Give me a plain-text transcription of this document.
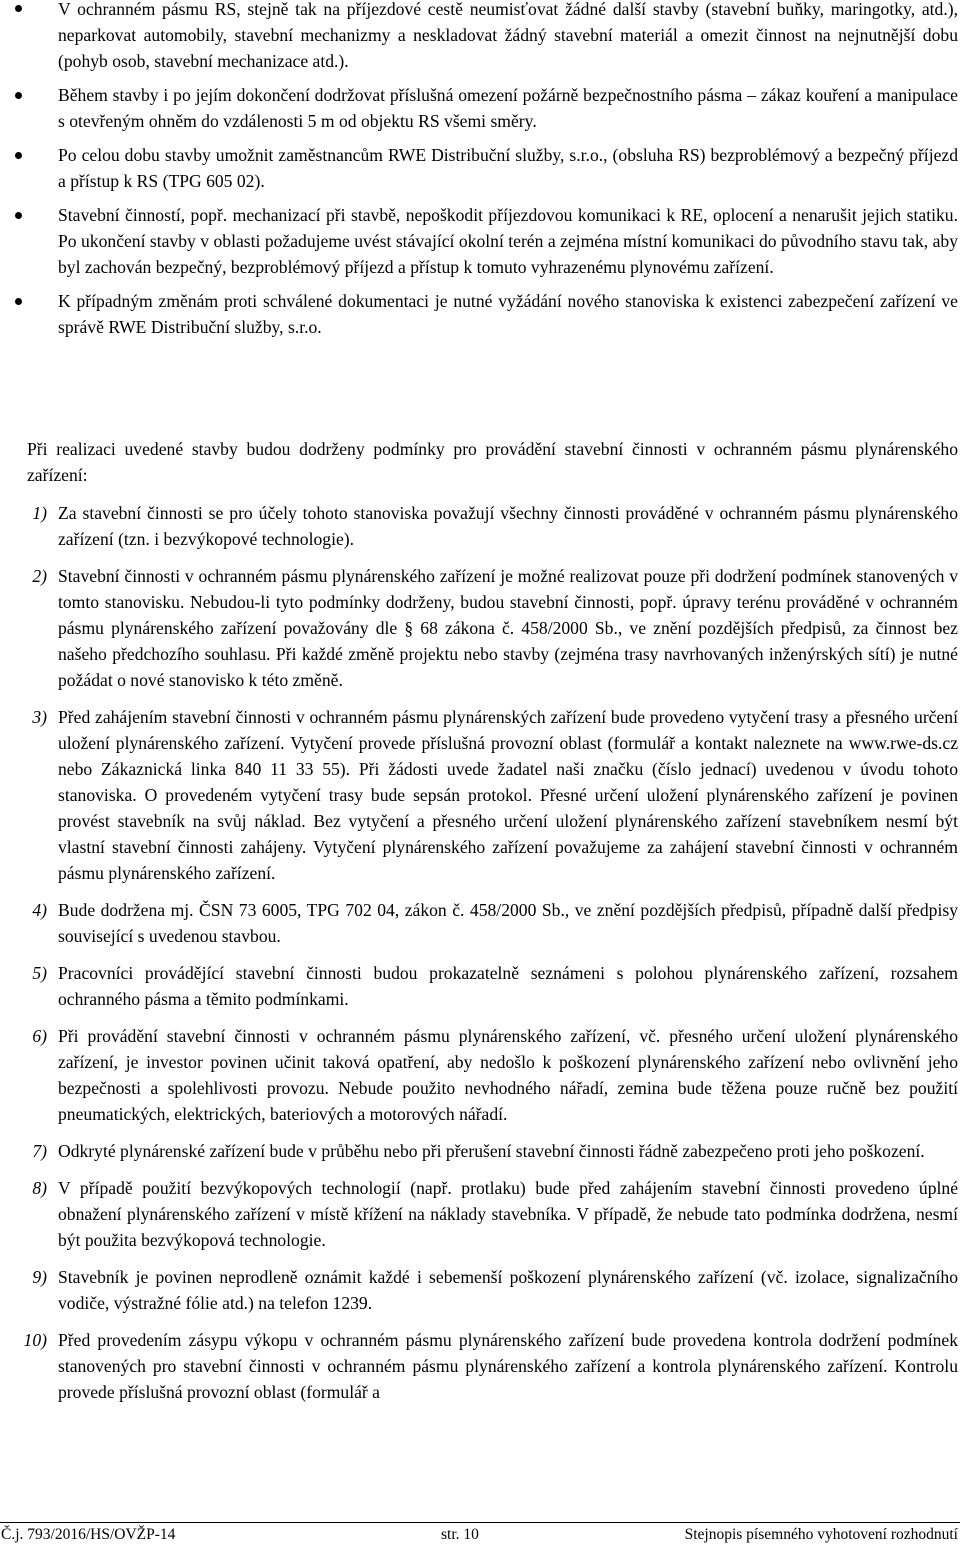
V ochranném pásmu RS, stejně tak na příjezdové cestě neumisťovat žádné další stavby (stavební buňky, maringotky, atd.), neparkovat automobily, stavební mechanizmy a neskladovat žádný stavební materiál a omezit činnost na nejnutnější dobu (pohyb osob, stavební mechanizace atd.).
Během stavby i po jejím dokončení dodržovat příslušná omezení požárně bezpečnostního pásma – zákaz kouření a manipulace s otevřeným ohněm do vzdálenosti 5 m od objektu RS všemi směry.
Po celou dobu stavby umožnit zaměstnancům RWE Distribuční služby, s.r.o., (obsluha RS) bezproblémový a bezpečný příjezd a přístup k RS (TPG 605 02).
Stavební činností, popř. mechanizací při stavbě, nepoškodit příjezdovou komunikaci k RE, oplocení a nenarušit jejich statiku. Po ukončení stavby v oblasti požadujeme uvést stávající okolní terén a zejména místní komunikaci do původního stavu tak, aby byl zachován bezpečný, bezproblémový příjezd a přístup k tomuto vyhrazenému plynovému zařízení.
K případným změnám proti schválené dokumentaci je nutné vyžádání nového stanoviska k existenci zabezpečení zařízení ve správě RWE Distribuční služby, s.r.o.
Při realizaci uvedené stavby budou dodrženy podmínky pro provádění stavební činnosti v ochranném pásmu plynárenského zařízení:
1) Za stavební činnosti se pro účely tohoto stanoviska považují všechny činnosti prováděné v ochranném pásmu plynárenského zařízení (tzn. i bezvýkopové technologie).
2) Stavební činnosti v ochranném pásmu plynárenského zařízení je možné realizovat pouze při dodržení podmínek stanovených v tomto stanovisku. Nebudou-li tyto podmínky dodrženy, budou stavební činnosti, popř. úpravy terénu prováděné v ochranném pásmu plynárenského zařízení považovány dle § 68 zákona č. 458/2000 Sb., ve znění pozdějších předpisů, za činnost bez našeho předchozího souhlasu. Při každé změně projektu nebo stavby (zejména trasy navrhovaných inženýrských sítí) je nutné požádat o nové stanovisko k této změně.
3) Před zahájením stavební činnosti v ochranném pásmu plynárenských zařízení bude provedeno vytyčení trasy a přesného určení uložení plynárenského zařízení. Vytyčení provede příslušná provozní oblast (formulář a kontakt naleznete na www.rwe-ds.cz nebo Zákaznická linka 840 11 33 55). Při žádosti uvede žadatel naši značku (číslo jednací) uvedenou v úvodu tohoto stanoviska. O provedeném vytyčení trasy bude sepsán protokol. Přesné určení uložení plynárenského zařízení je povinen provést stavebník na svůj náklad. Bez vytyčení a přesného určení uložení plynárenského zařízení stavebníkem nesmí být vlastní stavební činnosti zahájeny. Vytyčení plynárenského zařízení považujeme za zahájení stavební činnosti v ochranném pásmu plynárenského zařízení.
4) Bude dodržena mj. ČSN 73 6005, TPG 702 04, zákon č. 458/2000 Sb., ve znění pozdějších předpisů, případně další předpisy související s uvedenou stavbou.
5) Pracovníci provádějící stavební činnosti budou prokazatelně seznámeni s polohou plynárenského zařízení, rozsahem ochranného pásma a těmito podmínkami.
6) Při provádění stavební činnosti v ochranném pásmu plynárenského zařízení, vč. přesného určení uložení plynárenského zařízení, je investor povinen učinit taková opatření, aby nedošlo k poškození plynárenského zařízení nebo ovlivnění jeho bezpečnosti a spolehlivosti provozu. Nebude použito nevhodného nářadí, zemina bude těžena pouze ručně bez použití pneumatických, elektrických, bateriových a motorových nářadí.
7) Odkryté plynárenské zařízení bude v průběhu nebo při přerušení stavební činnosti řádně zabezpečeno proti jeho poškození.
8) V případě použití bezvýkopových technologií (např. protlaku) bude před zahájením stavební činnosti provedeno úplné obnažení plynárenského zařízení v místě křížení na náklady stavebníka. V případě, že nebude tato podmínka dodržena, nesmí být použita bezvýkopová technologie.
9) Stavebník je povinen neprodleně oznámit každé i sebemenší poškození plynárenského zařízení (vč. izolace, signalizačního vodiče, výstražné fólie atd.) na telefon 1239.
10) Před provedením zásypu výkopu v ochranném pásmu plynárenského zařízení bude provedena kontrola dodržení podmínek stanovených pro stavební činnosti v ochranném pásmu plynárenského zařízení a kontrola plynárenského zařízení. Kontrolu provede příslušná provozní oblast (formulář a
Č.j. 793/2016/HS/OVŽP-14	str. 10	Stejnopis písemného vyhotovení rozhodnutí
